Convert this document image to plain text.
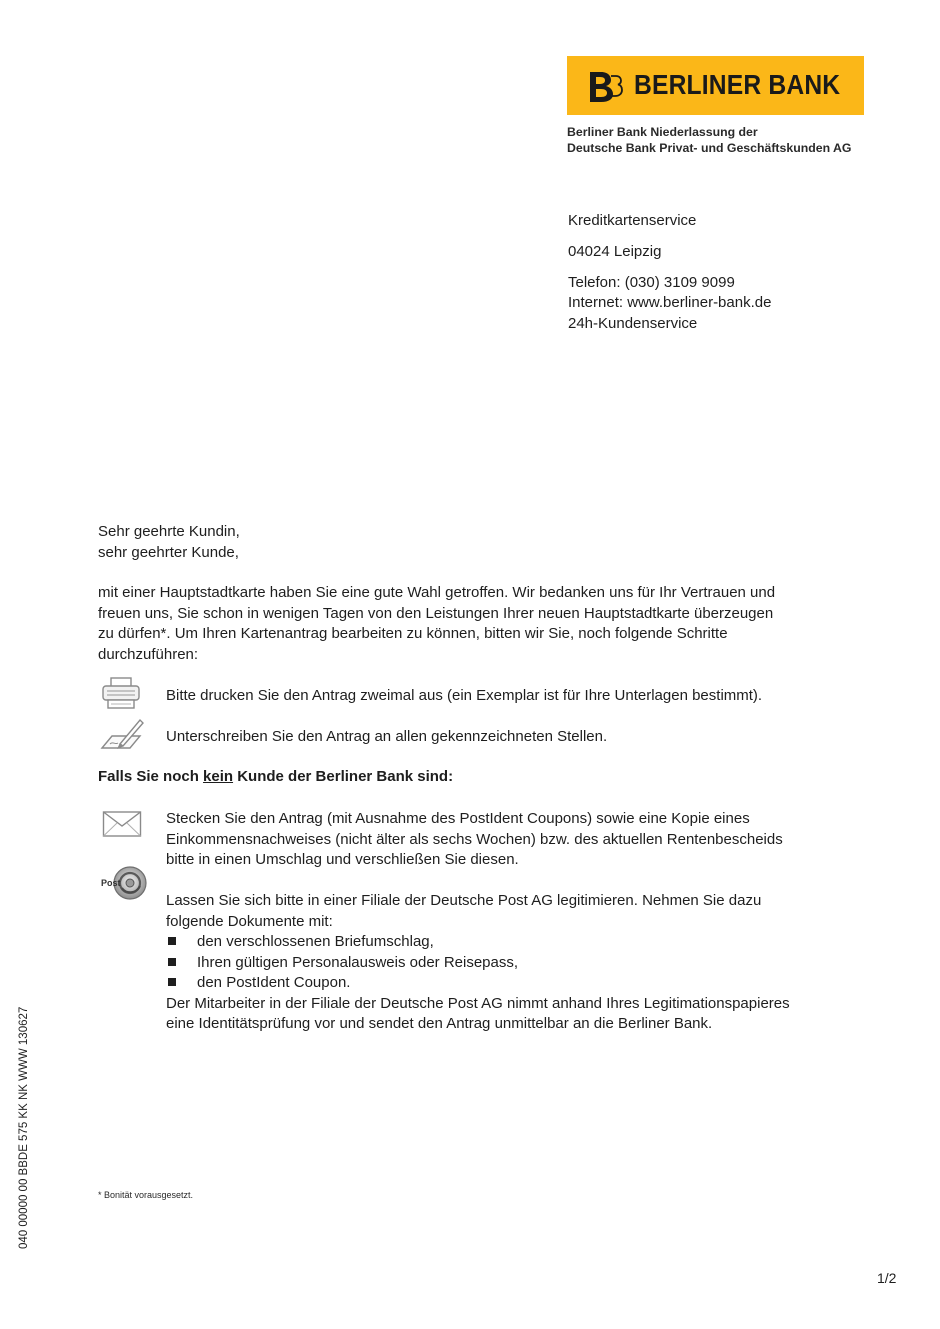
BERLINER BANK
Berliner Bank Niederlassung der
Deutsche Bank Privat- und Geschäftskunden AG
Kreditkartenservice
04024 Leipzig
Telefon: (030) 3109 9099
Internet: www.berliner-bank.de
24h-Kundenservice
Sehr geehrte Kundin,
sehr geehrter Kunde,
mit einer Hauptstadtkarte haben Sie eine gute Wahl getroffen. Wir bedanken uns für Ihr Vertrauen und
freuen uns, Sie schon in wenigen Tagen von den Leistungen Ihrer neuen Hauptstadtkarte überzeugen
zu dürfen*. Um Ihren Kartenantrag bearbeiten zu können, bitten wir Sie, noch folgende Schritte
durchzuführen:
Bitte drucken Sie den Antrag zweimal aus (ein Exemplar ist für Ihre Unterlagen bestimmt).
Unterschreiben Sie den Antrag an allen gekennzeichneten Stellen.
Falls Sie noch kein Kunde der Berliner Bank sind:
Stecken Sie den Antrag (mit Ausnahme des PostIdent Coupons) sowie eine Kopie eines
Einkommensnachweises (nicht älter als sechs Wochen) bzw. des aktuellen Rentenbescheids
bitte in einen Umschlag und verschließen Sie diesen.
Post
Lassen Sie sich bitte in einer Filiale der Deutsche Post AG legitimieren. Nehmen Sie dazu
folgende Dokumente mit:
den verschlossenen Briefumschlag,
Ihren gültigen Personalausweis oder Reisepass,
den PostIdent Coupon.
Der Mitarbeiter in der Filiale der Deutsche Post AG nimmt anhand Ihres Legitimationspapieres
eine Identitätsprüfung vor und sendet den Antrag unmittelbar an die Berliner Bank.
040 00000 00 BBDE 575 KK NK WWW 130627	* Bonität vorausgesetzt.
1/2
